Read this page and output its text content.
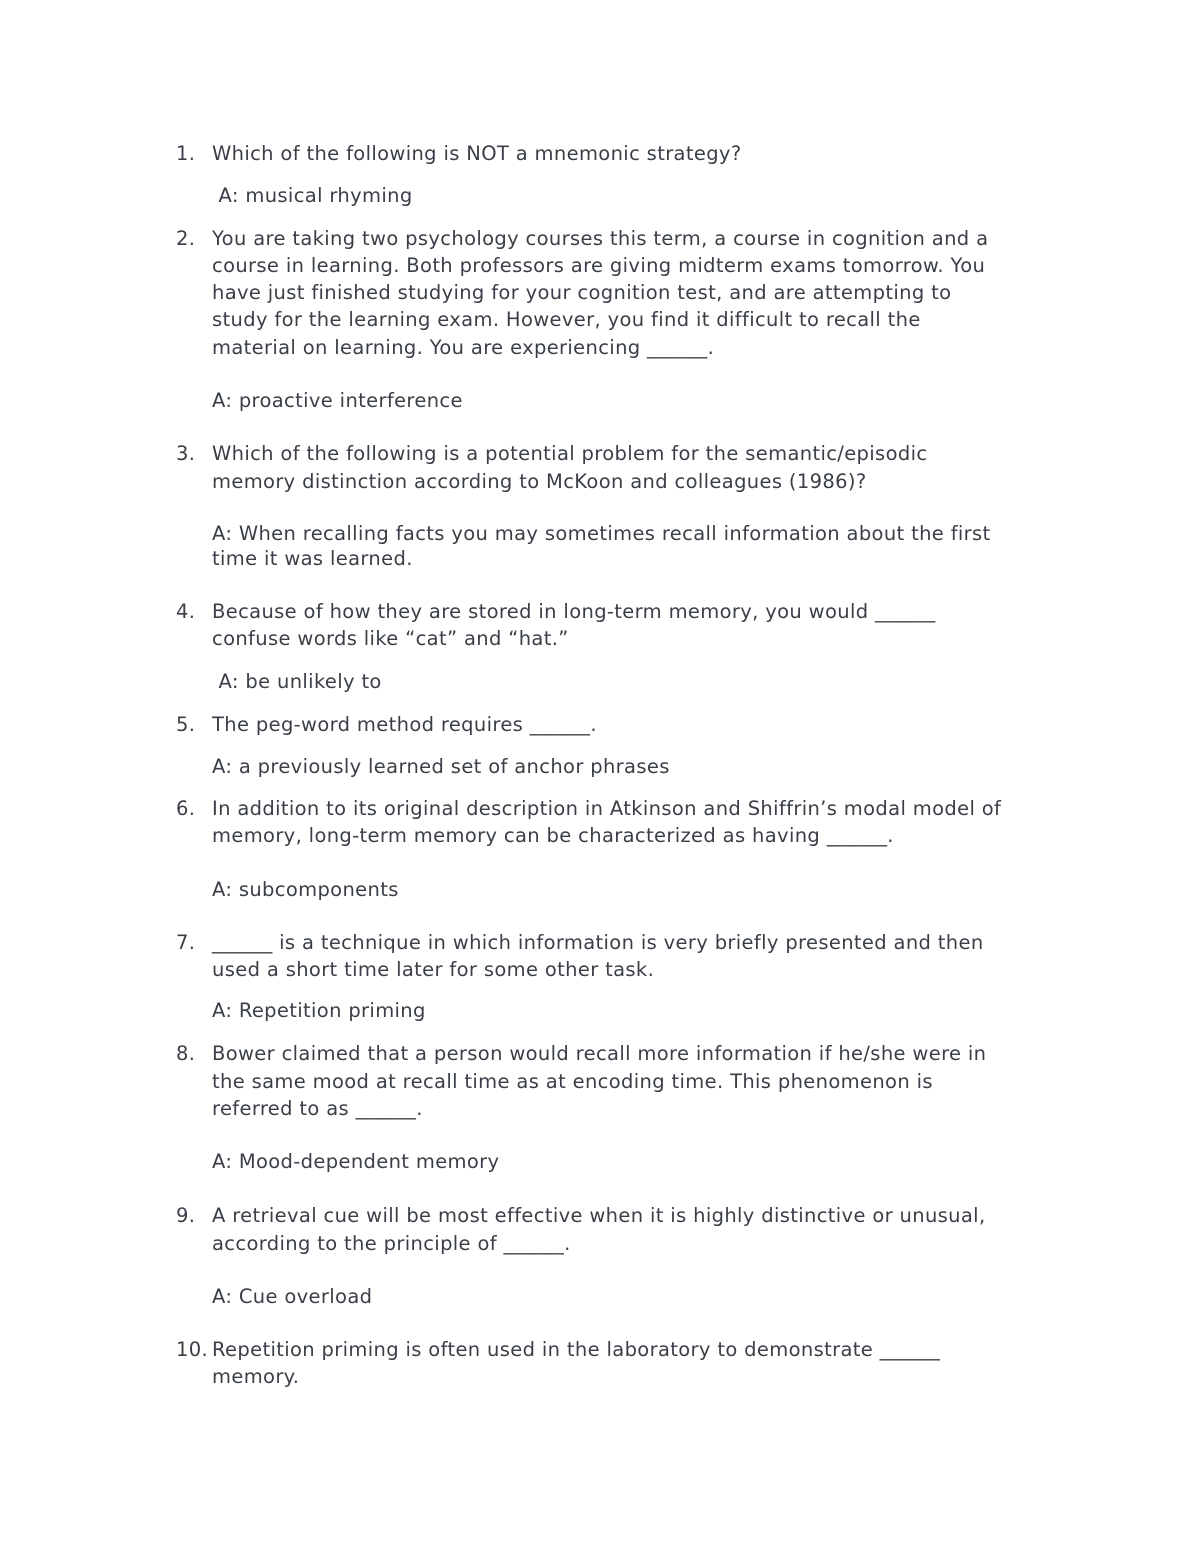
1. Which of the following is NOT a mnemonic strategy?
A: musical rhyming
2. You are taking two psychology courses this term, a course in cognition and a
course in learning. Both professors are giving midterm exams tomorrow. You
have just finished studying for your cognition test, and are attempting to
study for the learning exam. However, you find it difficult to recall the
material on learning. You are experiencing ______.
A: proactive interference
3. Which of the following is a potential problem for the semantic/episodic
memory distinction according to McKoon and colleagues (1986)?
A: When recalling facts you may sometimes recall information about the first
time it was learned.
4. Because of how they are stored in long-term memory, you would ______
confuse words like “cat” and “hat.”
A: be unlikely to
5. The peg-word method requires ______.
A: a previously learned set of anchor phrases
6. In addition to its original description in Atkinson and Shiffrin’s modal model of
memory, long-term memory can be characterized as having ______.
A: subcomponents
7. ______ is a technique in which information is very briefly presented and then
used a short time later for some other task.
A: Repetition priming
8. Bower claimed that a person would recall more information if he/she were in
the same mood at recall time as at encoding time. This phenomenon is
referred to as ______.
A: Mood-dependent memory
9. A retrieval cue will be most effective when it is highly distinctive or unusual,
according to the principle of ______.
A: Cue overload
10. Repetition priming is often used in the laboratory to demonstrate ______
memory.
